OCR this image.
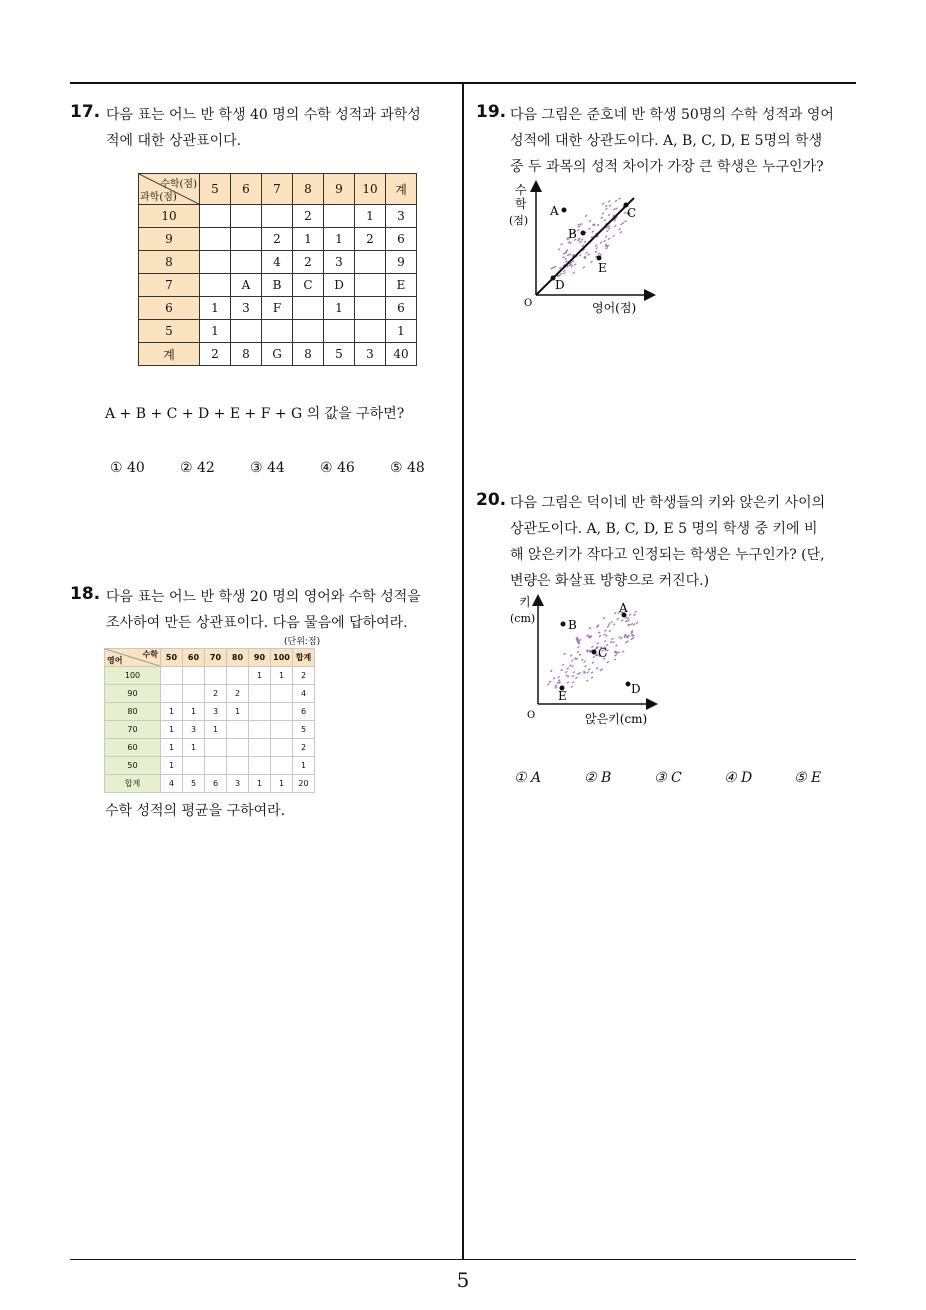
5
17. 다음 표는 어느 반 학생 40 명의 수학 성적과 과학성
적에 대한 상관표이다.
수학(점)
과학(점)	5	6	7	8	9	10	계
10				2		1	3
9			2	1	1	2	6
8			4	2	3		9
7		A	B	C	D		E
6	1	3	F		1		6
5	1						1
계	2	8	G	8	5	3	40
A + B + C + D + E + F + G 의 값을 구하면?
① 40	② 42	③ 44	④ 46	⑤ 48
18. 다음 표는 어느 반 학생 20 명의 영어와 수학 성적을
조사하여 만든 상관표이다. 다음 물음에 답하여라.
(단위:점)
수학
영어	50	60	70	80	90	100	합계
100					1	1	2
90			2	2			4
80	1	1	3	1			6
70	1	3	1				5
60	1	1					2
50	1						1
합계	4	5	6	3	1	1	20
수학 성적의 평균을 구하여라.
19. 다음 그림은 준호네 반 학생 50명의 수학 성적과 영어
성적에 대한 상관도이다. A, B, C, D, E 5명의 학생
중 두 과목의 성적 차이가 가장 큰 학생은 누구인가?
A
B
C
D
E
수
학
(점)
O	영어(점)
20. 다음 그림은 덕이네 반 학생들의 키와 앉은키 사이의
상관도이다. A, B, C, D, E 5 명의 학생 중 키에 비
해 앉은키가 작다고 인정되는 학생은 누구인가? (단,
변량은 화살표 방향으로 커진다.)
A
B
C
D
E
키
(cm)
O	앉은키(cm)
① A	② B	③ C	④ D	⑤ E
